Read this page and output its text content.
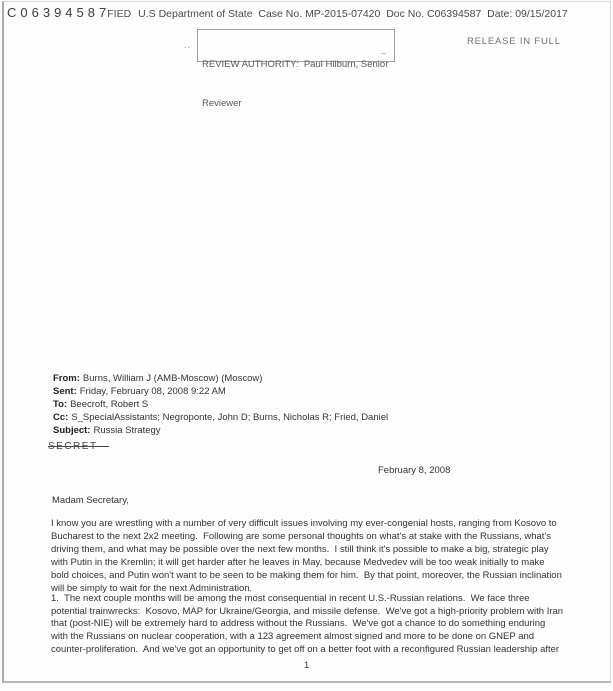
C06394587FIED U.S Department of State  Case No. MP-2015-07420  Doc No. C06394587  Date: 09/15/2017

REVIEW AUTHORITY:  Paul Hilburn, Senior

Reviewer

–

..	RELEASE IN FULL
From: Burns, William J (AMB-Moscow) (Moscow)
Sent: Friday, February 08, 2008 9:22 AM
To: Beecroft, Robert S
Cc: S_SpecialAssistants; Negroponte, John D; Burns, Nicholas R; Fried, Daniel
Subject: Russia Strategy
SECRET—
February 8, 2008
Madam Secretary,
I know you are wrestling with a number of very difficult issues involving my ever-congenial hosts, ranging from Kosovo to
Bucharest to the next 2x2 meeting.  Following are some personal thoughts on what's at stake with the Russians, what's
driving them, and what may be possible over the next few months.  I still think it's possible to make a big, strategic play
with Putin in the Kremlin; it will get harder after he leaves in May, because Medvedev will be too weak initially to make
bold choices, and Putin won't want to be seen to be making them for him.  By that point, moreover, the Russian inclination
will be simply to wait for the next Administration.
1.  The next couple months will be among the most consequential in recent U.S.-Russian relations.  We face three
potential trainwrecks:  Kosovo, MAP for Ukraine/Georgia, and missile defense.  We've got a high-priority problem with Iran
that (post-NIE) will be extremely hard to address without the Russians.  We've got a chance to do something enduring
with the Russians on nuclear cooperation, with a 123 agreement almost signed and more to be done on GNEP and
counter-proliferation.  And we've got an opportunity to get off on a better foot with a reconfigured Russian leadership after
1
